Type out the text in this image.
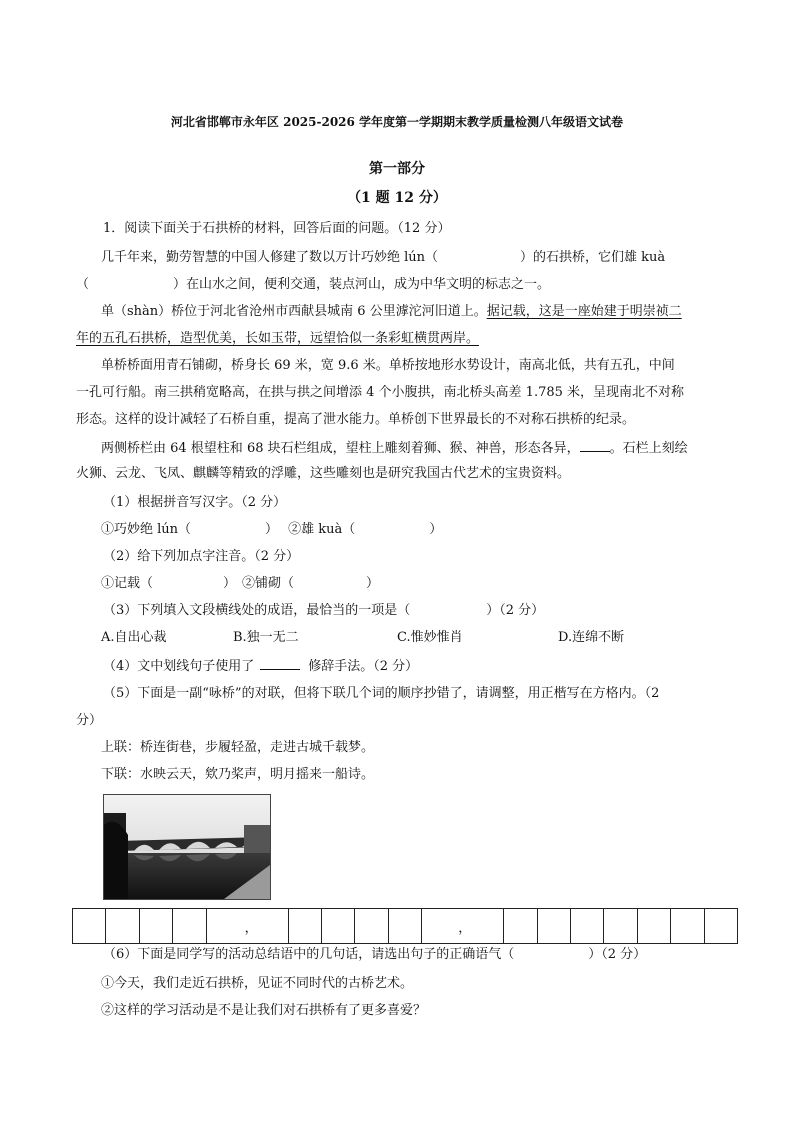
河北省邯郸市永年区 2025-2026 学年度第一学期期末教学质量检测八年级语文试卷
第一部分
（1 题 12 分）
1．阅读下面关于石拱桥的材料，回答后面的问题。（12 分）
几千年来，勤劳智慧的中国人修建了数以万计巧妙绝 lún（	）的石拱桥，它们雄 kuà
（	）在山水之间，便利交通，装点河山，成为中华文明的标志之一。
单（shàn）桥位于河北省沧州市西献县城南 6 公里滹沱河旧道上。据记载，这是一座始建于明崇祯二
年的五孔石拱桥，造型优美，长如玉带，远望恰似一条彩虹横贯两岸。
单桥桥面用青石铺砌，桥身长 69 米，宽 9.6 米。单桥按地形水势设计，南高北低，共有五孔，中间
一孔可行船。南三拱稍宽略高，在拱与拱之间增添 4 个小腹拱，南北桥头高差 1.785 米，呈现南北不对称
形态。这样的设计减轻了石桥自重，提高了泄水能力。单桥创下世界最长的不对称石拱桥的纪录。
两侧桥栏由 64 根望柱和 68 块石栏组成，望柱上雕刻着狮、猴、神兽，形态各异， 。石栏上刻绘
火狮、云龙、飞凤、麒麟等精致的浮雕，这些雕刻也是研究我国古代艺术的宝贵资料。
（1）根据拼音写汉字。（2 分）
①巧妙绝 lún（	） ②雄 kuà（	）
（2）给下列加点字注音。（2 分）
①记载（	） ②铺砌（	）
（3）下列填入文段横线处的成语，最恰当的一项是（	）（2 分）
A.自出心裁	B.独一无二	C.惟妙惟肖	D.连绵不断
（4）文中划线句子使用了	修辞手法。（2 分）
（5）下面是一副“咏桥”的对联，但将下联几个词的顺序抄错了，请调整，用正楷写在方格内。（2
分）
上联：桥连街巷，步履轻盈，走进古城千载梦。
下联：水映云天，欸乃桨声，明月摇来一船诗。
，	，
（6）下面是同学写的活动总结语中的几句话，请选出句子的正确语气（	）（2 分）
①今天，我们走近石拱桥，见证不同时代的古桥艺术。
②这样的学习活动是不是让我们对石拱桥有了更多喜爱？
